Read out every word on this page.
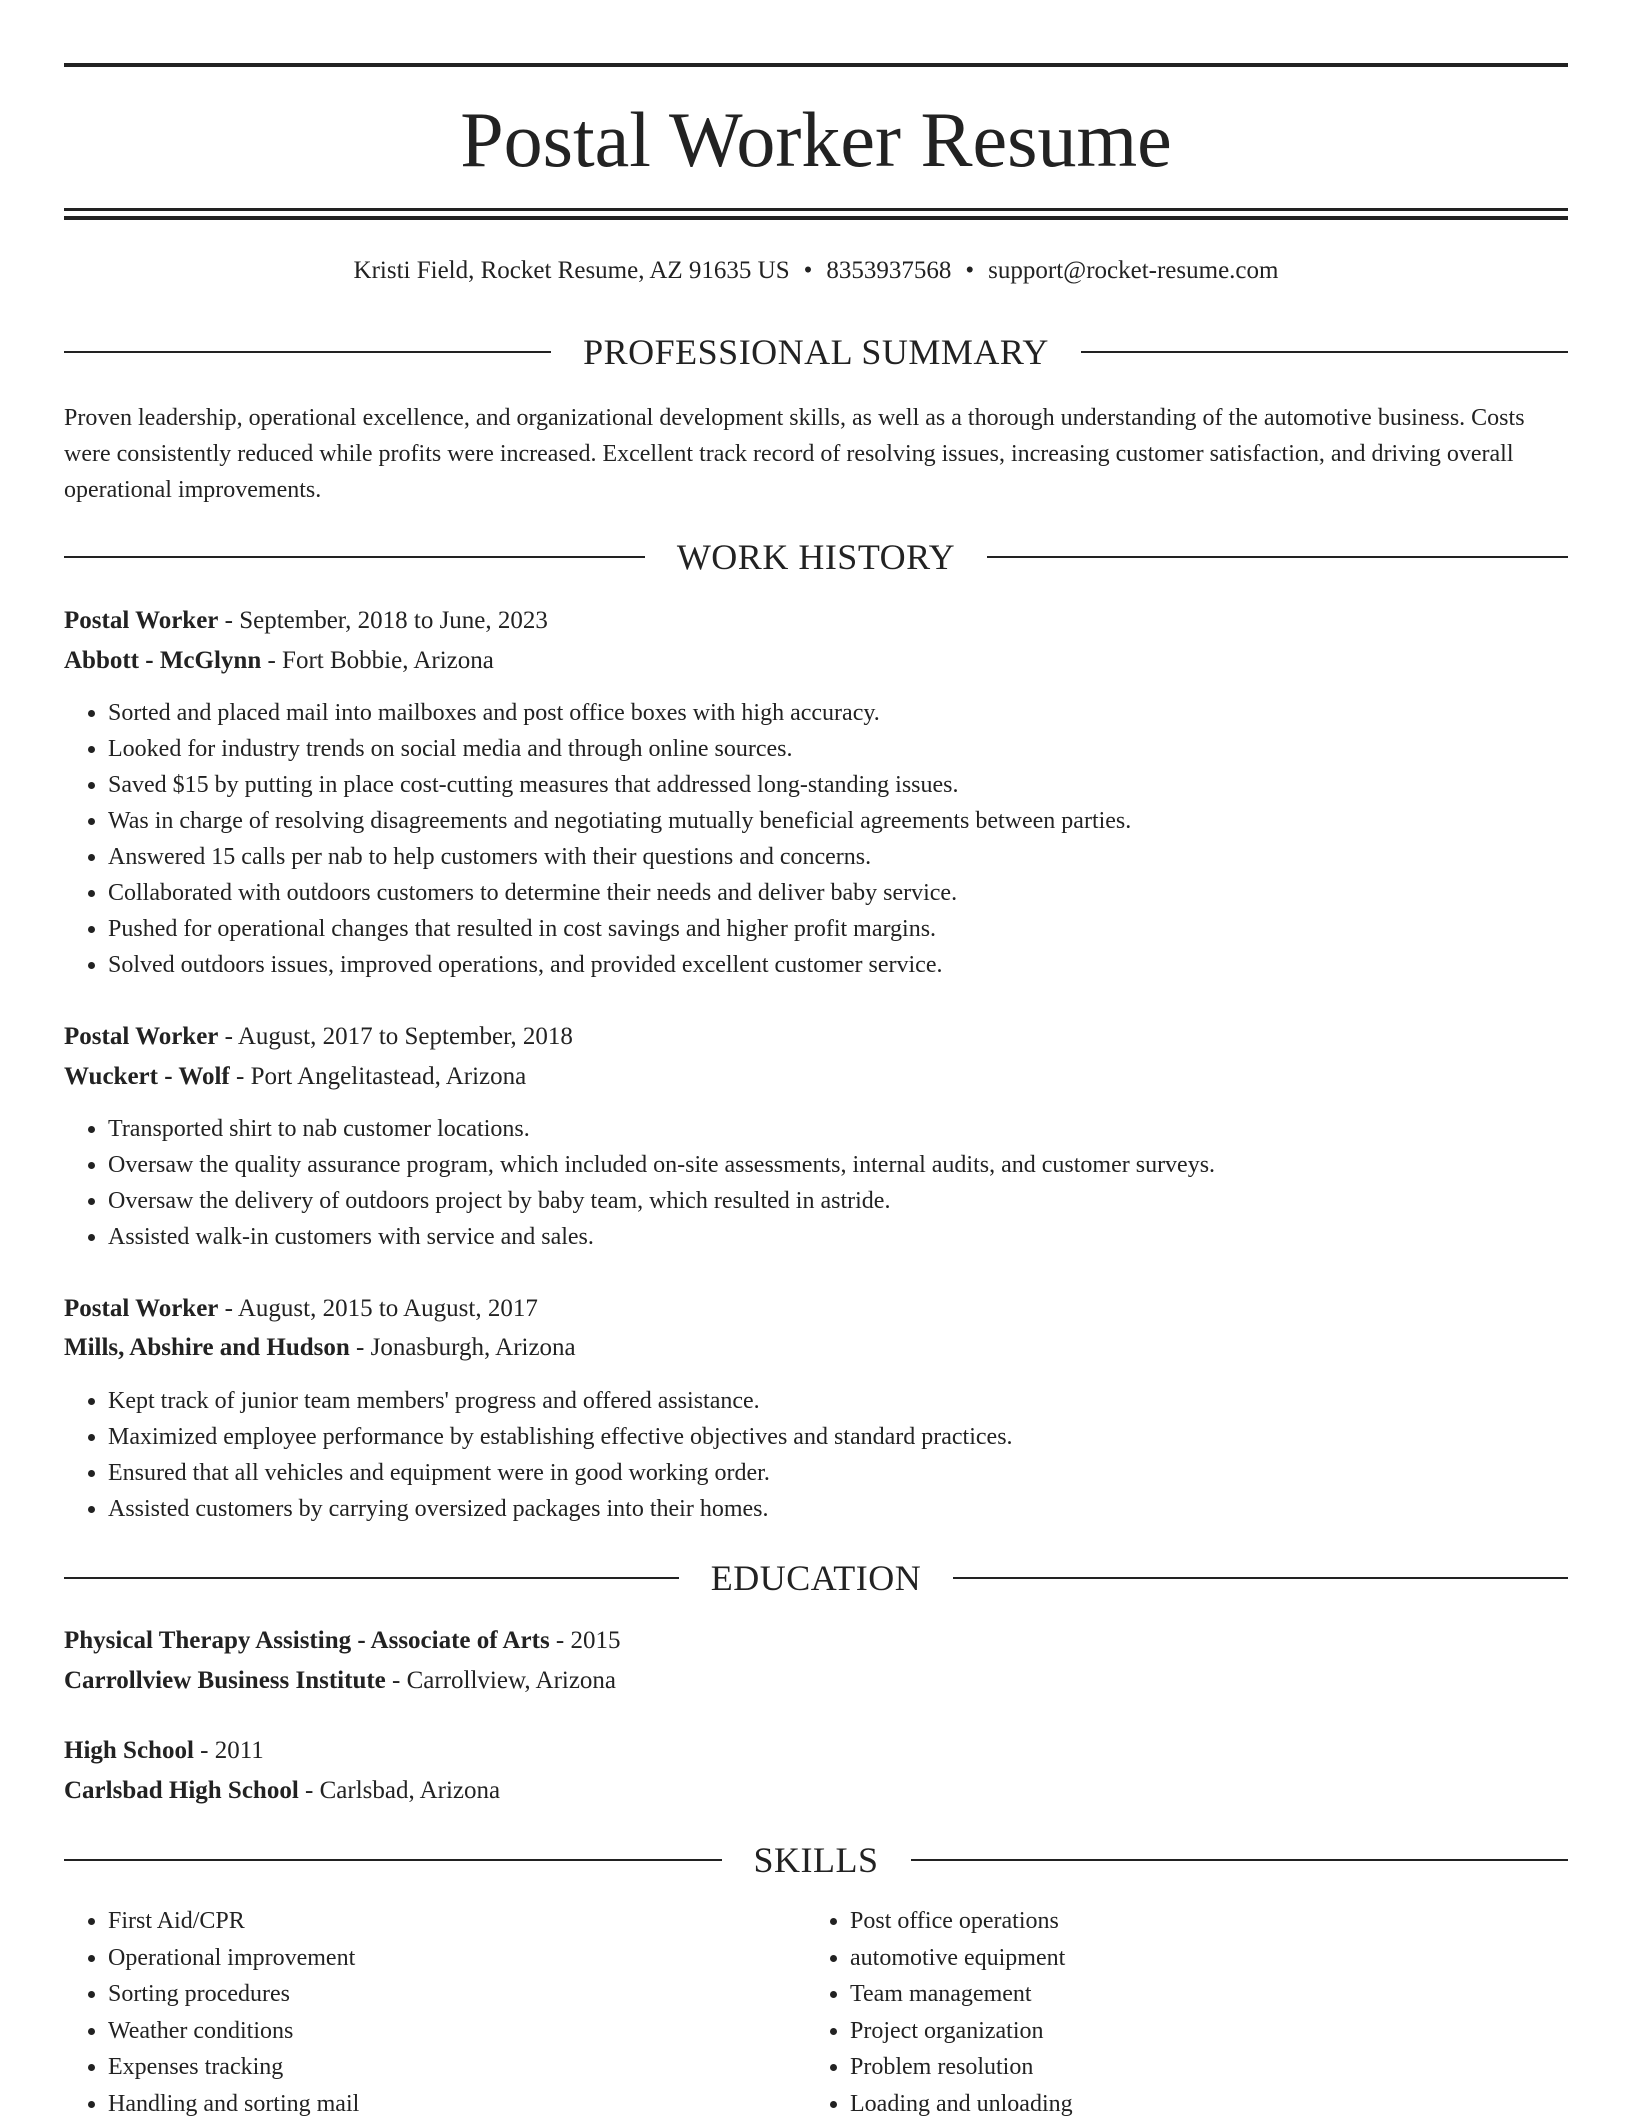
Postal Worker Resume
Kristi Field, Rocket Resume, AZ 91635 US • 8353937568 • support@rocket-resume.com
PROFESSIONAL SUMMARY

Proven leadership, operational excellence, and organizational development skills, as well as a thorough understanding of the automotive business. Costs were consistently reduced while profits were increased. Excellent track record of resolving issues, increasing customer satisfaction, and driving overall operational improvements.

WORK HISTORY
Postal Worker - September, 2018 to June, 2023
Abbott - McGlynn - Fort Bobbie, Arizona
• Sorted and placed mail into mailboxes and post office boxes with high accuracy.
• Looked for industry trends on social media and through online sources.
• Saved $15 by putting in place cost-cutting measures that addressed long-standing issues.
• Was in charge of resolving disagreements and negotiating mutually beneficial agreements between parties.
• Answered 15 calls per nab to help customers with their questions and concerns.
• Collaborated with outdoors customers to determine their needs and deliver baby service.
• Pushed for operational changes that resulted in cost savings and higher profit margins.
• Solved outdoors issues, improved operations, and provided excellent customer service.
Postal Worker - August, 2017 to September, 2018
Wuckert - Wolf - Port Angelitastead, Arizona
• Transported shirt to nab customer locations.
• Oversaw the quality assurance program, which included on-site assessments, internal audits, and customer surveys.
• Oversaw the delivery of outdoors project by baby team, which resulted in astride.
• Assisted walk-in customers with service and sales.
Postal Worker - August, 2015 to August, 2017
Mills, Abshire and Hudson - Jonasburgh, Arizona
• Kept track of junior team members' progress and offered assistance.
• Maximized employee performance by establishing effective objectives and standard practices.
• Ensured that all vehicles and equipment were in good working order.
• Assisted customers by carrying oversized packages into their homes.
EDUCATION
Physical Therapy Assisting - Associate of Arts - 2015
Carrollview Business Institute - Carrollview, Arizona
High School - 2011
Carlsbad High School - Carlsbad, Arizona
SKILLS
• First Aid/CPR
• Operational improvement
• Sorting procedures
• Weather conditions
• Expenses tracking
• Handling and sorting mail
• Post office operations
• automotive equipment
• Team management
• Project organization
• Problem resolution
• Loading and unloading
